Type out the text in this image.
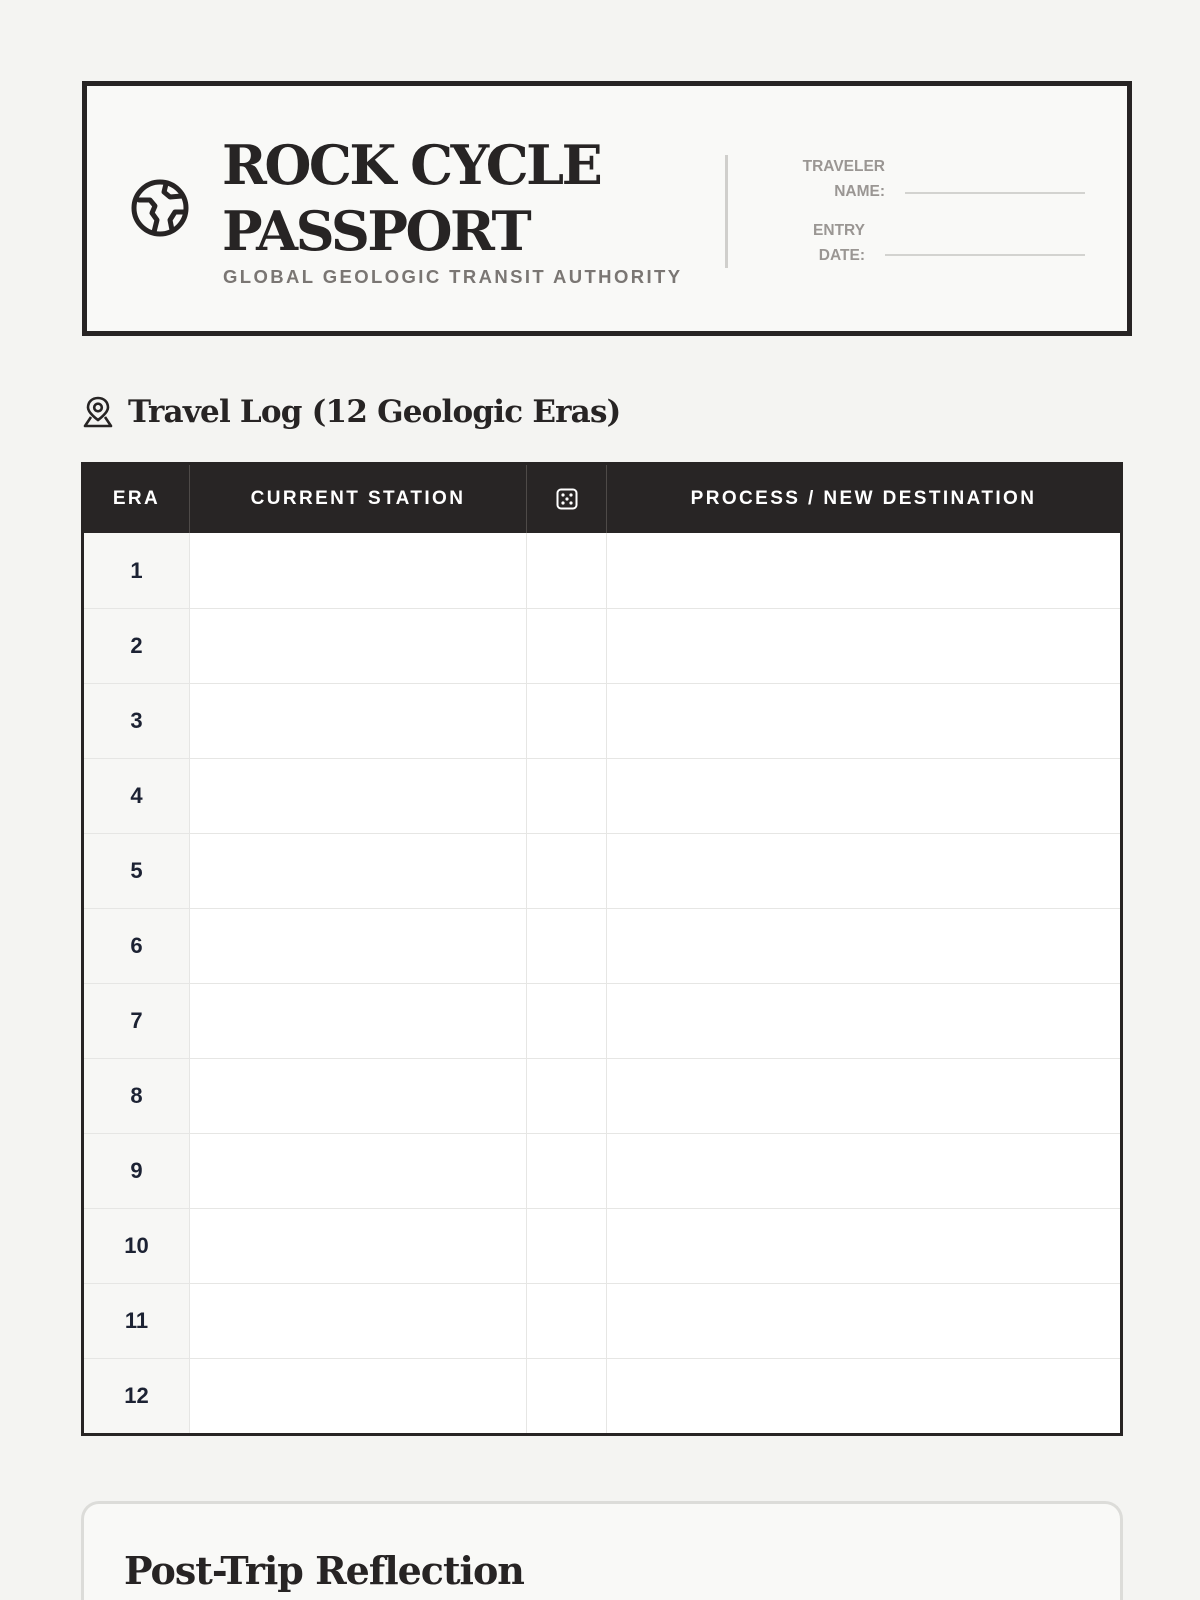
ROCK CYCLE
PASSPORT
GLOBAL GEOLOGIC TRANSIT AUTHORITY
TRAVELER
NAME:
ENTRY
DATE:
Travel Log (12 Geologic Eras)
ERA	CURRENT STATION	PROCESS / NEW DESTINATION
1
2
3
4
5
6
7
8
9
10
11
12
Post-Trip Reflection
